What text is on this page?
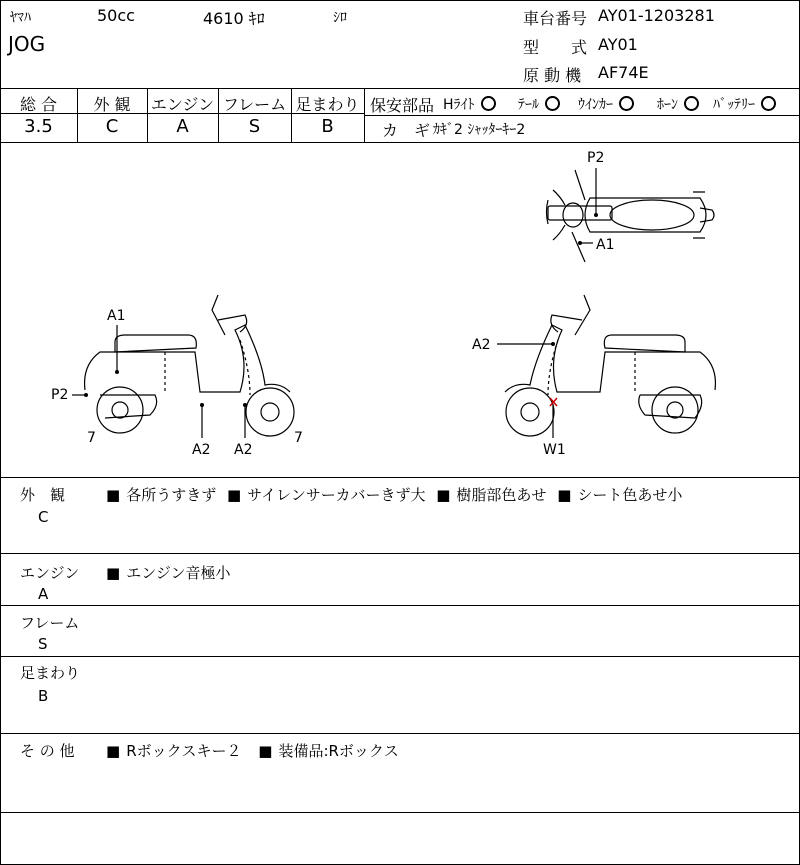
ﾔﾏﾊ	50cc	4610 ｷﾛ	ｼﾛ
JOG
車台番号 AY01-1203281
型　　式 AY01
原 動 機 AF74E
総 合
3.5
外 観
C
エンジン
A
フレーム
S
足まわり
B
保安部品 Hﾗｲﾄ	ﾃｰﾙ	ｳｲﾝｶｰ	ﾎｰﾝ	ﾊﾞｯﾃﾘｰ
カ　ギ ｶｷﾞ2 ｼｬｯﾀｰｷｰ2
P2
A1
A1
P2
7
A2 A2
7
A2
W1
外　観
C
■ 各所うすきず ■ サイレンサーカバーきず大 ■ 樹脂部色あせ ■ シート色あせ小
エンジン
A
■ エンジン音極小
フレーム
S
足まわり
B
そ の 他 ■ Rボックスキー２ ■ 装備品:Rボックス
